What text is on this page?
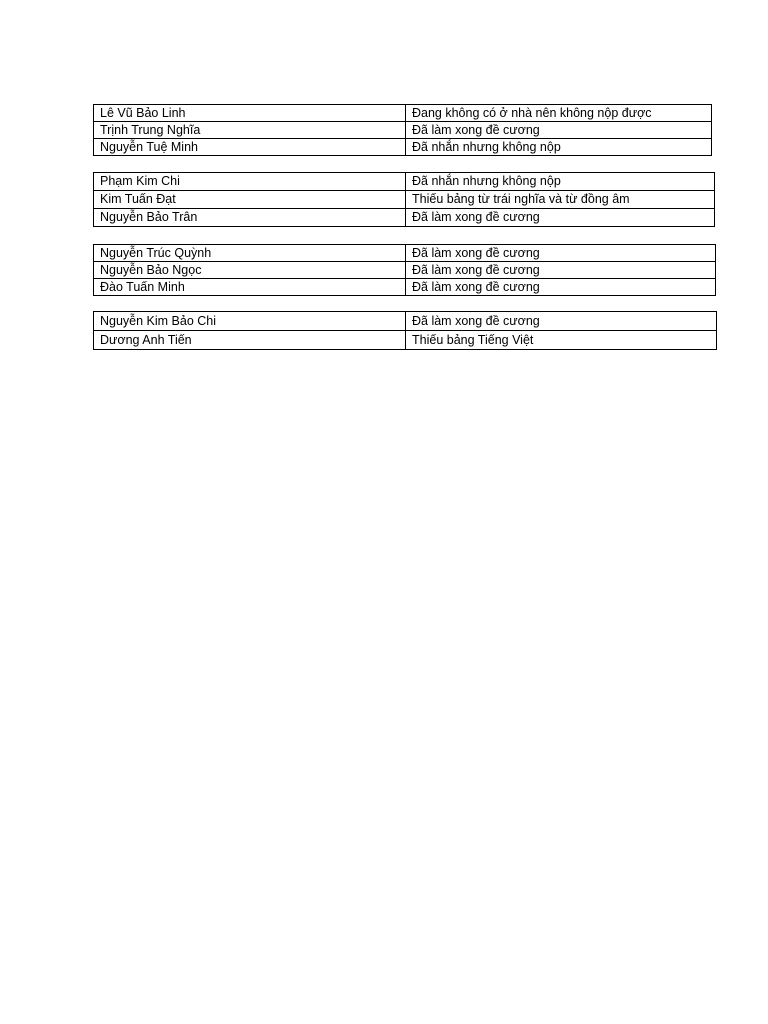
Lê Vũ Bảo Linh	Đang không có ở nhà nên không nộp được
Trịnh Trung Nghĩa	Đã làm xong đề cương
Nguyễn Tuệ Minh	Đã nhắn nhưng không nộp
Phạm Kim Chi	Đã nhắn nhưng không nộp
Kim Tuấn Đạt	Thiếu bảng từ trái nghĩa và từ đồng âm
Nguyễn Bảo Trân	Đã làm xong đề cương
Nguyễn Trúc Quỳnh	Đã làm xong đề cương
Nguyễn Bảo Ngọc	Đã làm xong đề cương
Đào Tuấn Minh	Đã làm xong đề cương
Nguyễn Kim Bảo Chi	Đã làm xong đề cương
Dương Anh Tiến	Thiếu bảng Tiếng Việt
